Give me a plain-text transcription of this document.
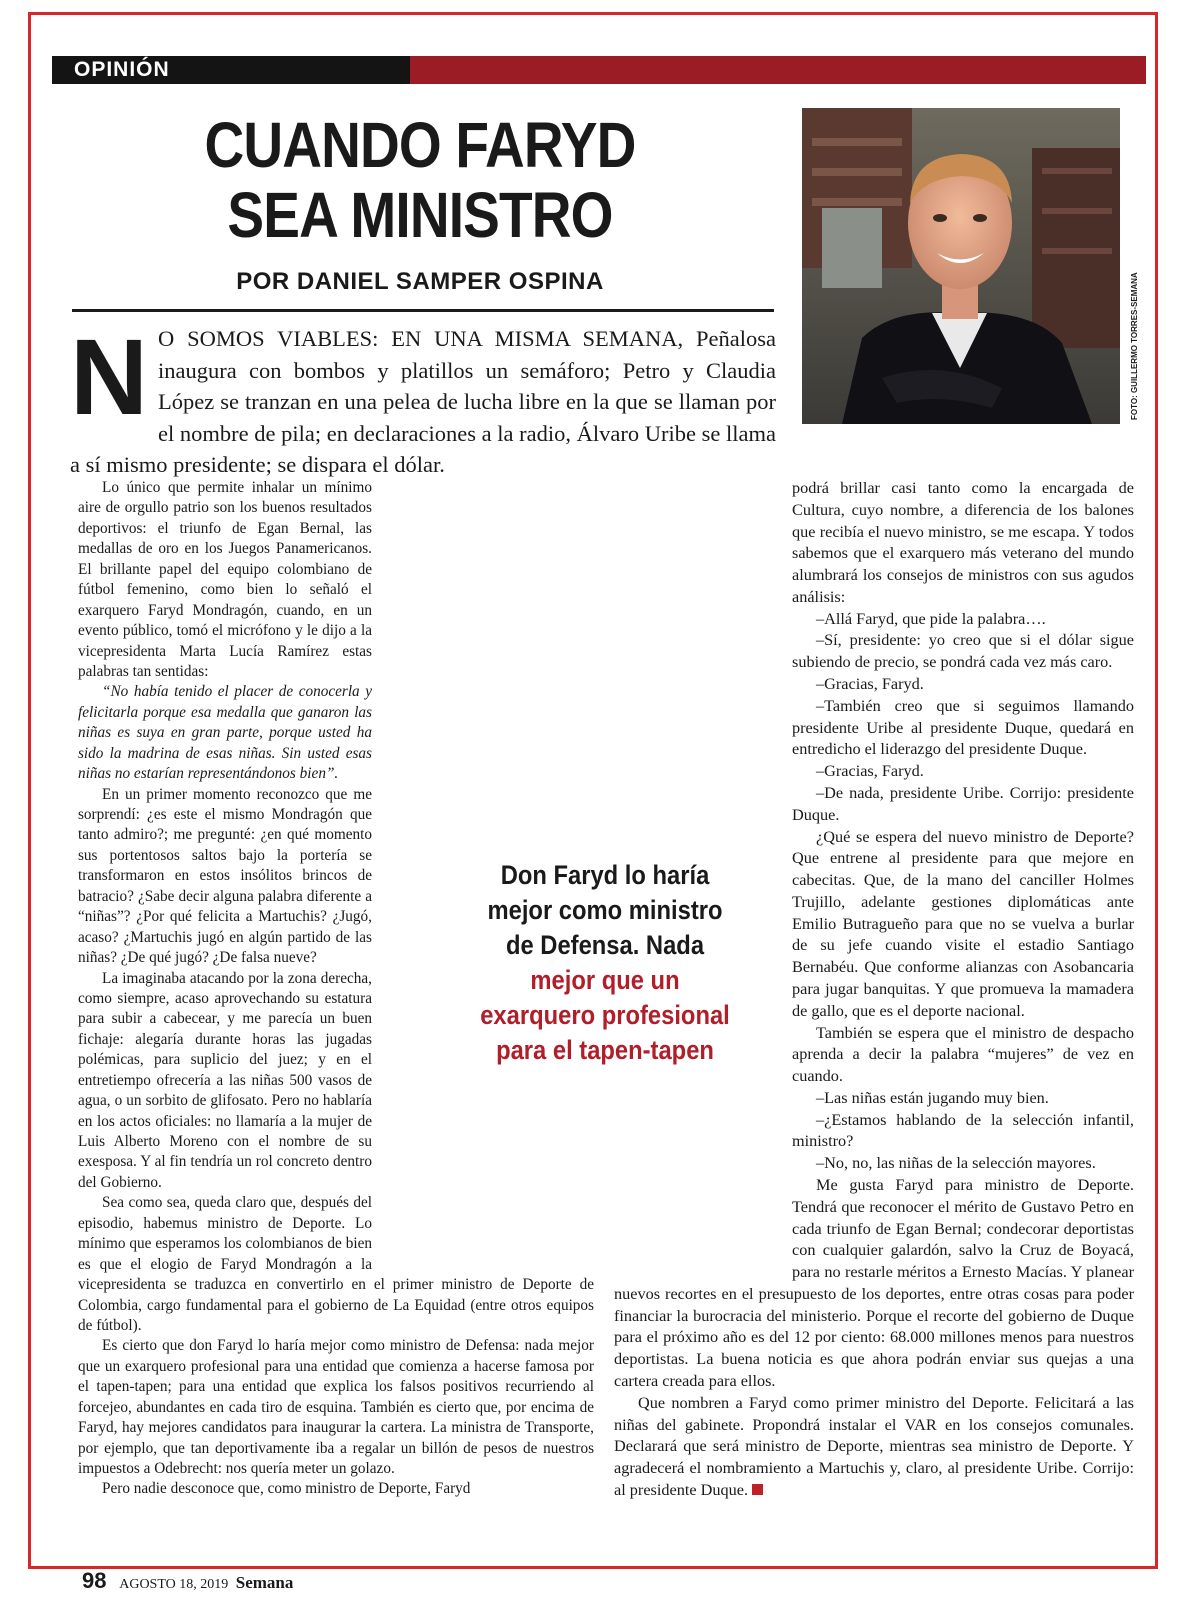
OPINIÓN
CUANDO FARYD
SEA MINISTRO
POR DANIEL SAMPER OSPINA	FOTO: GUILLERMO TORRES-SEMANA
N O SOMOS VIABLES: EN UNA MISMA SEMANA, Peñalosa inaugura con bombos y platillos un semáforo; Petro y Claudia López se tranzan en una pelea de lucha libre en la que se llaman por el nombre de pila; en declaraciones a la radio, Álvaro Uribe se llama a sí mismo presidente; se dispara el dólar.

Lo único que permite inhalar un mínimo aire de orgullo patrio son los buenos resultados deportivos: el triunfo de Egan Bernal, las medallas de oro en los Juegos Panamericanos. El brillante papel del equipo colombiano de fútbol femenino, como bien lo señaló el exarquero Faryd Mondragón, cuando, en un evento público, tomó el micrófono y le dijo a la vicepresidenta Marta Lucía Ramírez estas palabras tan sentidas:

“No había tenido el placer de conocerla y felicitarla porque esa medalla que ganaron las niñas es suya en gran parte, porque usted ha sido la madrina de esas niñas. Sin usted esas niñas no estarían representándonos bien”.

En un primer momento reconozco que me sorprendí: ¿es este el mismo Mondragón que tanto admiro?; me pregunté: ¿en qué momento sus portentosos saltos bajo la portería se transformaron en estos insólitos brincos de batracio? ¿Sabe decir alguna palabra diferente a “niñas”? ¿Por qué felicita a Martuchis? ¿Jugó, acaso? ¿Martuchis jugó en algún partido de las niñas? ¿De qué jugó? ¿De falsa nueve?

La imaginaba atacando por la zona derecha, como siempre, acaso aprovechando su estatura para subir a cabecear, y me parecía un buen fichaje: alegaría durante horas las jugadas polémicas, para suplicio del juez; y en el entretiempo ofrecería a las niñas 500 vasos de agua, o un sorbito de glifosato. Pero no hablaría en los actos oficiales: no llamaría a la mujer de Luis Alberto Moreno con el nombre de su exesposa. Y al fin tendría un rol concreto dentro del Gobierno.

Sea como sea, queda claro que, después del episodio, habemus ministro de Deporte. Lo mínimo que esperamos los colombianos de bien es que el elogio de Faryd Mondragón a la vicepresidenta se traduzca en convertirlo en el primer ministro de Deporte de Colombia, cargo fundamental para el gobierno de La Equidad (entre otros equipos de fútbol).

Es cierto que don Faryd lo haría mejor como ministro de Defensa: nada mejor que un exarquero profesional para una entidad que comienza a hacerse famosa por el tapen-tapen; para una entidad que explica los falsos positivos recurriendo al forcejeo, abundantes en cada tiro de esquina. También es cierto que, por encima de Faryd, hay mejores candidatos para inaugurar la cartera. La ministra de Transporte, por ejemplo, que tan deportivamente iba a regalar un billón de pesos de nuestros impuestos a Odebrecht: nos quería meter un golazo.

Pero nadie desconoce que, como ministro de Deporte, Faryd

podrá brillar casi tanto como la encargada de Cultura, cuyo nombre, a diferencia de los balones que recibía el nuevo ministro, se me escapa. Y todos sabemos que el exarquero más veterano del mundo alumbrará los consejos de ministros con sus agudos análisis:

–Allá Faryd, que pide la palabra….

–Sí, presidente: yo creo que si el dólar sigue subiendo de precio, se pondrá cada vez más caro.

–Gracias, Faryd.

–También creo que si seguimos llamando presidente Uribe al presidente Duque, quedará en entredicho el liderazgo del presidente Duque.

–Gracias, Faryd.

–De nada, presidente Uribe. Corrijo: presidente Duque.

¿Qué se espera del nuevo ministro de Deporte? Que entrene al presidente para que mejore en cabecitas. Que, de la mano del canciller Holmes Trujillo, adelante gestiones diplomáticas ante Emilio Butragueño para que no se vuelva a burlar de su jefe cuando visite el estadio Santiago Bernabéu. Que conforme alianzas con Asobancaria para jugar banquitas. Y que promueva la mamadera de gallo, que es el deporte nacional.

También se espera que el ministro de despacho aprenda a decir la palabra “mujeres” de vez en cuando.

–Las niñas están jugando muy bien.

–¿Estamos hablando de la selección infantil, ministro?

–No, no, las niñas de la selección mayores.

Me gusta Faryd para ministro de Deporte. Tendrá que reconocer el mérito de Gustavo Petro en cada triunfo de Egan Bernal; condecorar deportistas con cualquier galardón, salvo la Cruz de Boyacá, para no restarle méritos a Ernesto Macías. Y planear nuevos recortes en el presupuesto de los deportes, entre otras cosas para poder financiar la burocracia del ministerio. Porque el recorte del gobierno de Duque para el próximo año es del 12 por ciento: 68.000 millones menos para nuestros deportistas. La buena noticia es que ahora podrán enviar sus quejas a una cartera creada para ellos.

Que nombren a Faryd como primer ministro del Deporte. Felicitará a las niñas del gabinete. Propondrá instalar el VAR en los consejos comunales. Declarará que será ministro de Deporte, mientras sea ministro de Deporte. Y agradecerá el nombramiento a Martuchis y, claro, al presidente Uribe. Corrijo: al presidente Duque.

Don Faryd lo haría mejor como ministro de Defensa. Nada mejor que un exarquero profesional para el tapen-tapen
98 AGOSTO 18, 2019 Semana
